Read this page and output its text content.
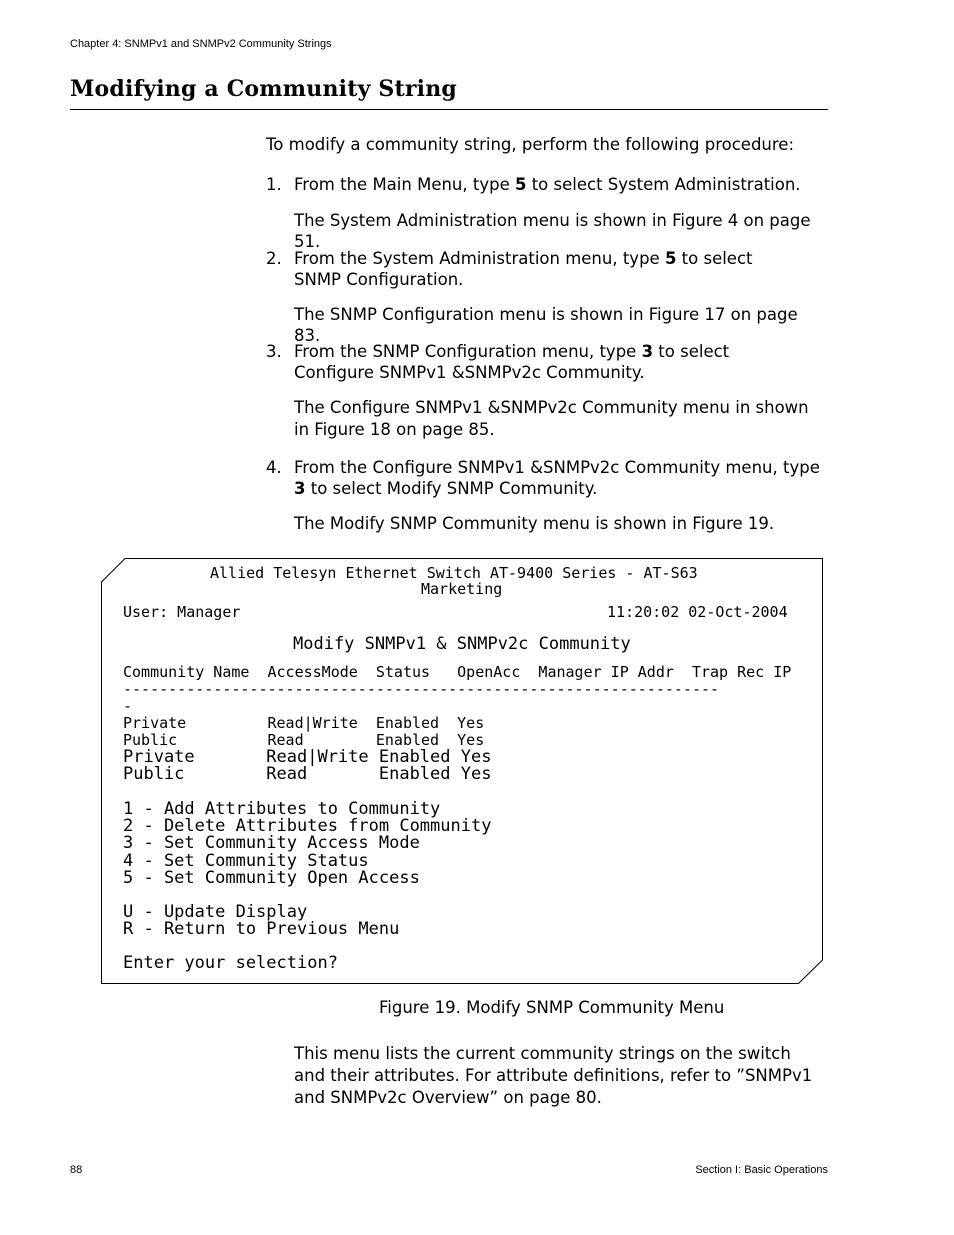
Chapter 4: SNMPv1 and SNMPv2 Community Strings
Modifying a Community String

To modify a community string, perform the following procedure:

1. From the Main Menu, type 5 to select System Administration.

The System Administration menu is shown in Figure 4 on page 51.

2. From the System Administration menu, type 5 to select SNMP Configuration.

The SNMP Configuration menu is shown in Figure 17 on page 83.

3. From the SNMP Configuration menu, type 3 to select Configure SNMPv1 &SNMPv2c Community.

The Configure SNMPv1 &SNMPv2c Community menu in shown in Figure 18 on page 85.

4. From the Configure SNMPv1 &SNMPv2c Community menu, type 3 to select Modify SNMP Community.

The Modify SNMP Community menu is shown in Figure 19.

Allied Telesyn Ethernet Switch AT-9400 Series - AT-S63
Marketing
User: Manager	11:20:02 02-Oct-2004
Modify SNMPv1 & SNMPv2c Community
Community Name  AccessMode  Status   OpenAcc  Manager IP Addr  Trap Rec IP
------------------------------------------------------------------
-
Private         Read|Write  Enabled  Yes
Public          Read        Enabled  Yes
Private       Read|Write Enabled Yes
Public        Read       Enabled Yes
1 - Add Attributes to Community
2 - Delete Attributes from Community
3 - Set Community Access Mode
4 - Set Community Status
5 - Set Community Open Access
U - Update Display
R - Return to Previous Menu
Enter your selection?

Figure 19. Modify SNMP Community Menu

This menu lists the current community strings on the switch and their attributes. For attribute definitions, refer to ”SNMPv1 and SNMPv2c Overview” on page 80.

88	Section I: Basic Operations
